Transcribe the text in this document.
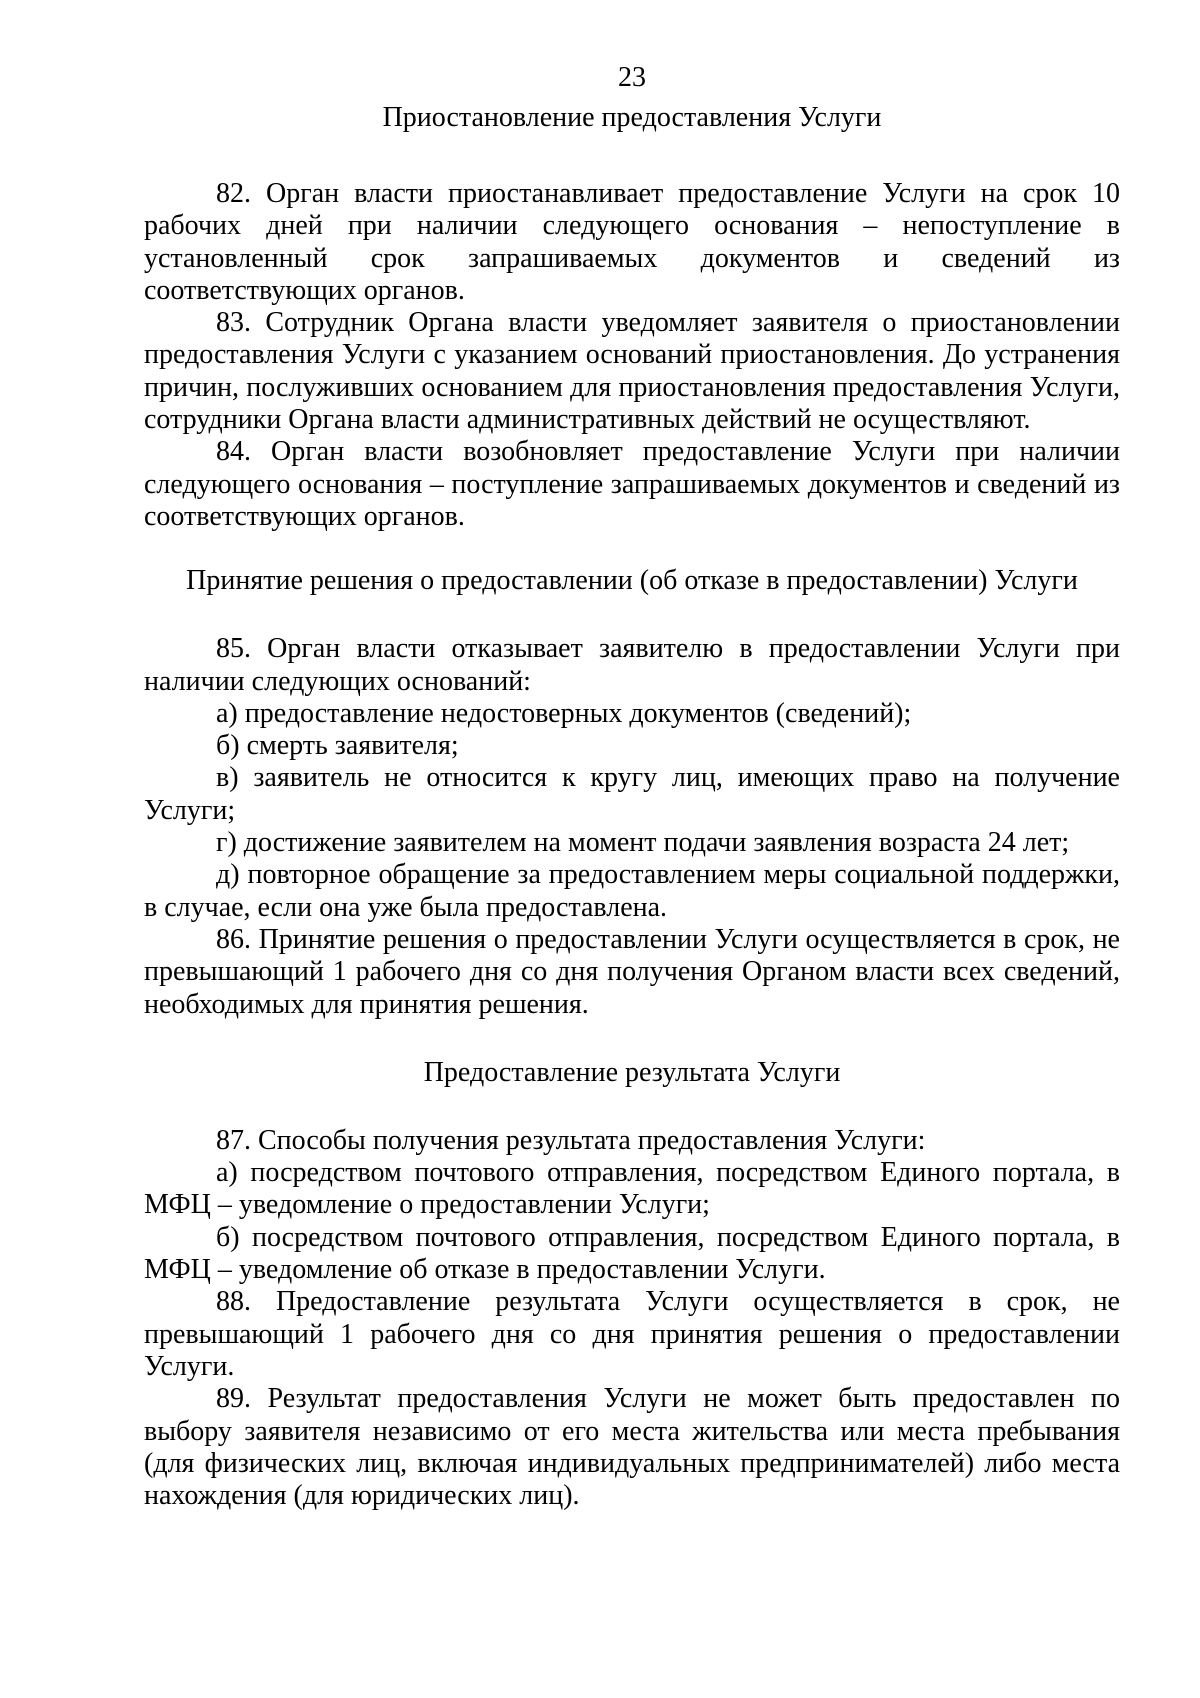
23
Приостановление предоставления Услуги

82. Орган власти приостанавливает предоставление Услуги на срок 10 рабочих дней при наличии следующего основания – непоступление в установленный срок запрашиваемых документов и сведений из соответствующих органов.

83. Сотрудник Органа власти уведомляет заявителя о приостановлении предоставления Услуги с указанием оснований приостановления. До устранения причин, послуживших основанием для приостановления предоставления Услуги, сотрудники Органа власти административных действий не осуществляют.

84. Орган власти возобновляет предоставление Услуги при наличии следующего основания – поступление запрашиваемых документов и сведений из соответствующих органов.

Принятие решения о предоставлении (об отказе в предоставлении) Услуги

85. Орган власти отказывает заявителю в предоставлении Услуги при наличии следующих оснований:

а) предоставление недостоверных документов (сведений);

б) смерть заявителя;

в) заявитель не относится к кругу лиц, имеющих право на получение Услуги;

г) достижение заявителем на момент подачи заявления возраста 24 лет;

д) повторное обращение за предоставлением меры социальной поддержки, в случае, если она уже была предоставлена.

86. Принятие решения о предоставлении Услуги осуществляется в срок, не превышающий 1 рабочего дня со дня получения Органом власти всех сведений, необходимых для принятия решения.

Предоставление результата Услуги

87. Способы получения результата предоставления Услуги:

а) посредством почтового отправления, посредством Единого портала, в МФЦ – уведомление о предоставлении Услуги;

б) посредством почтового отправления, посредством Единого портала, в МФЦ – уведомление об отказе в предоставлении Услуги.

88. Предоставление результата Услуги осуществляется в срок, не превышающий 1 рабочего дня со дня принятия решения о предоставлении Услуги.

89. Результат предоставления Услуги не может быть предоставлен по выбору заявителя независимо от его места жительства или места пребывания (для физических лиц, включая индивидуальных предпринимателей) либо места нахождения (для юридических лиц).
